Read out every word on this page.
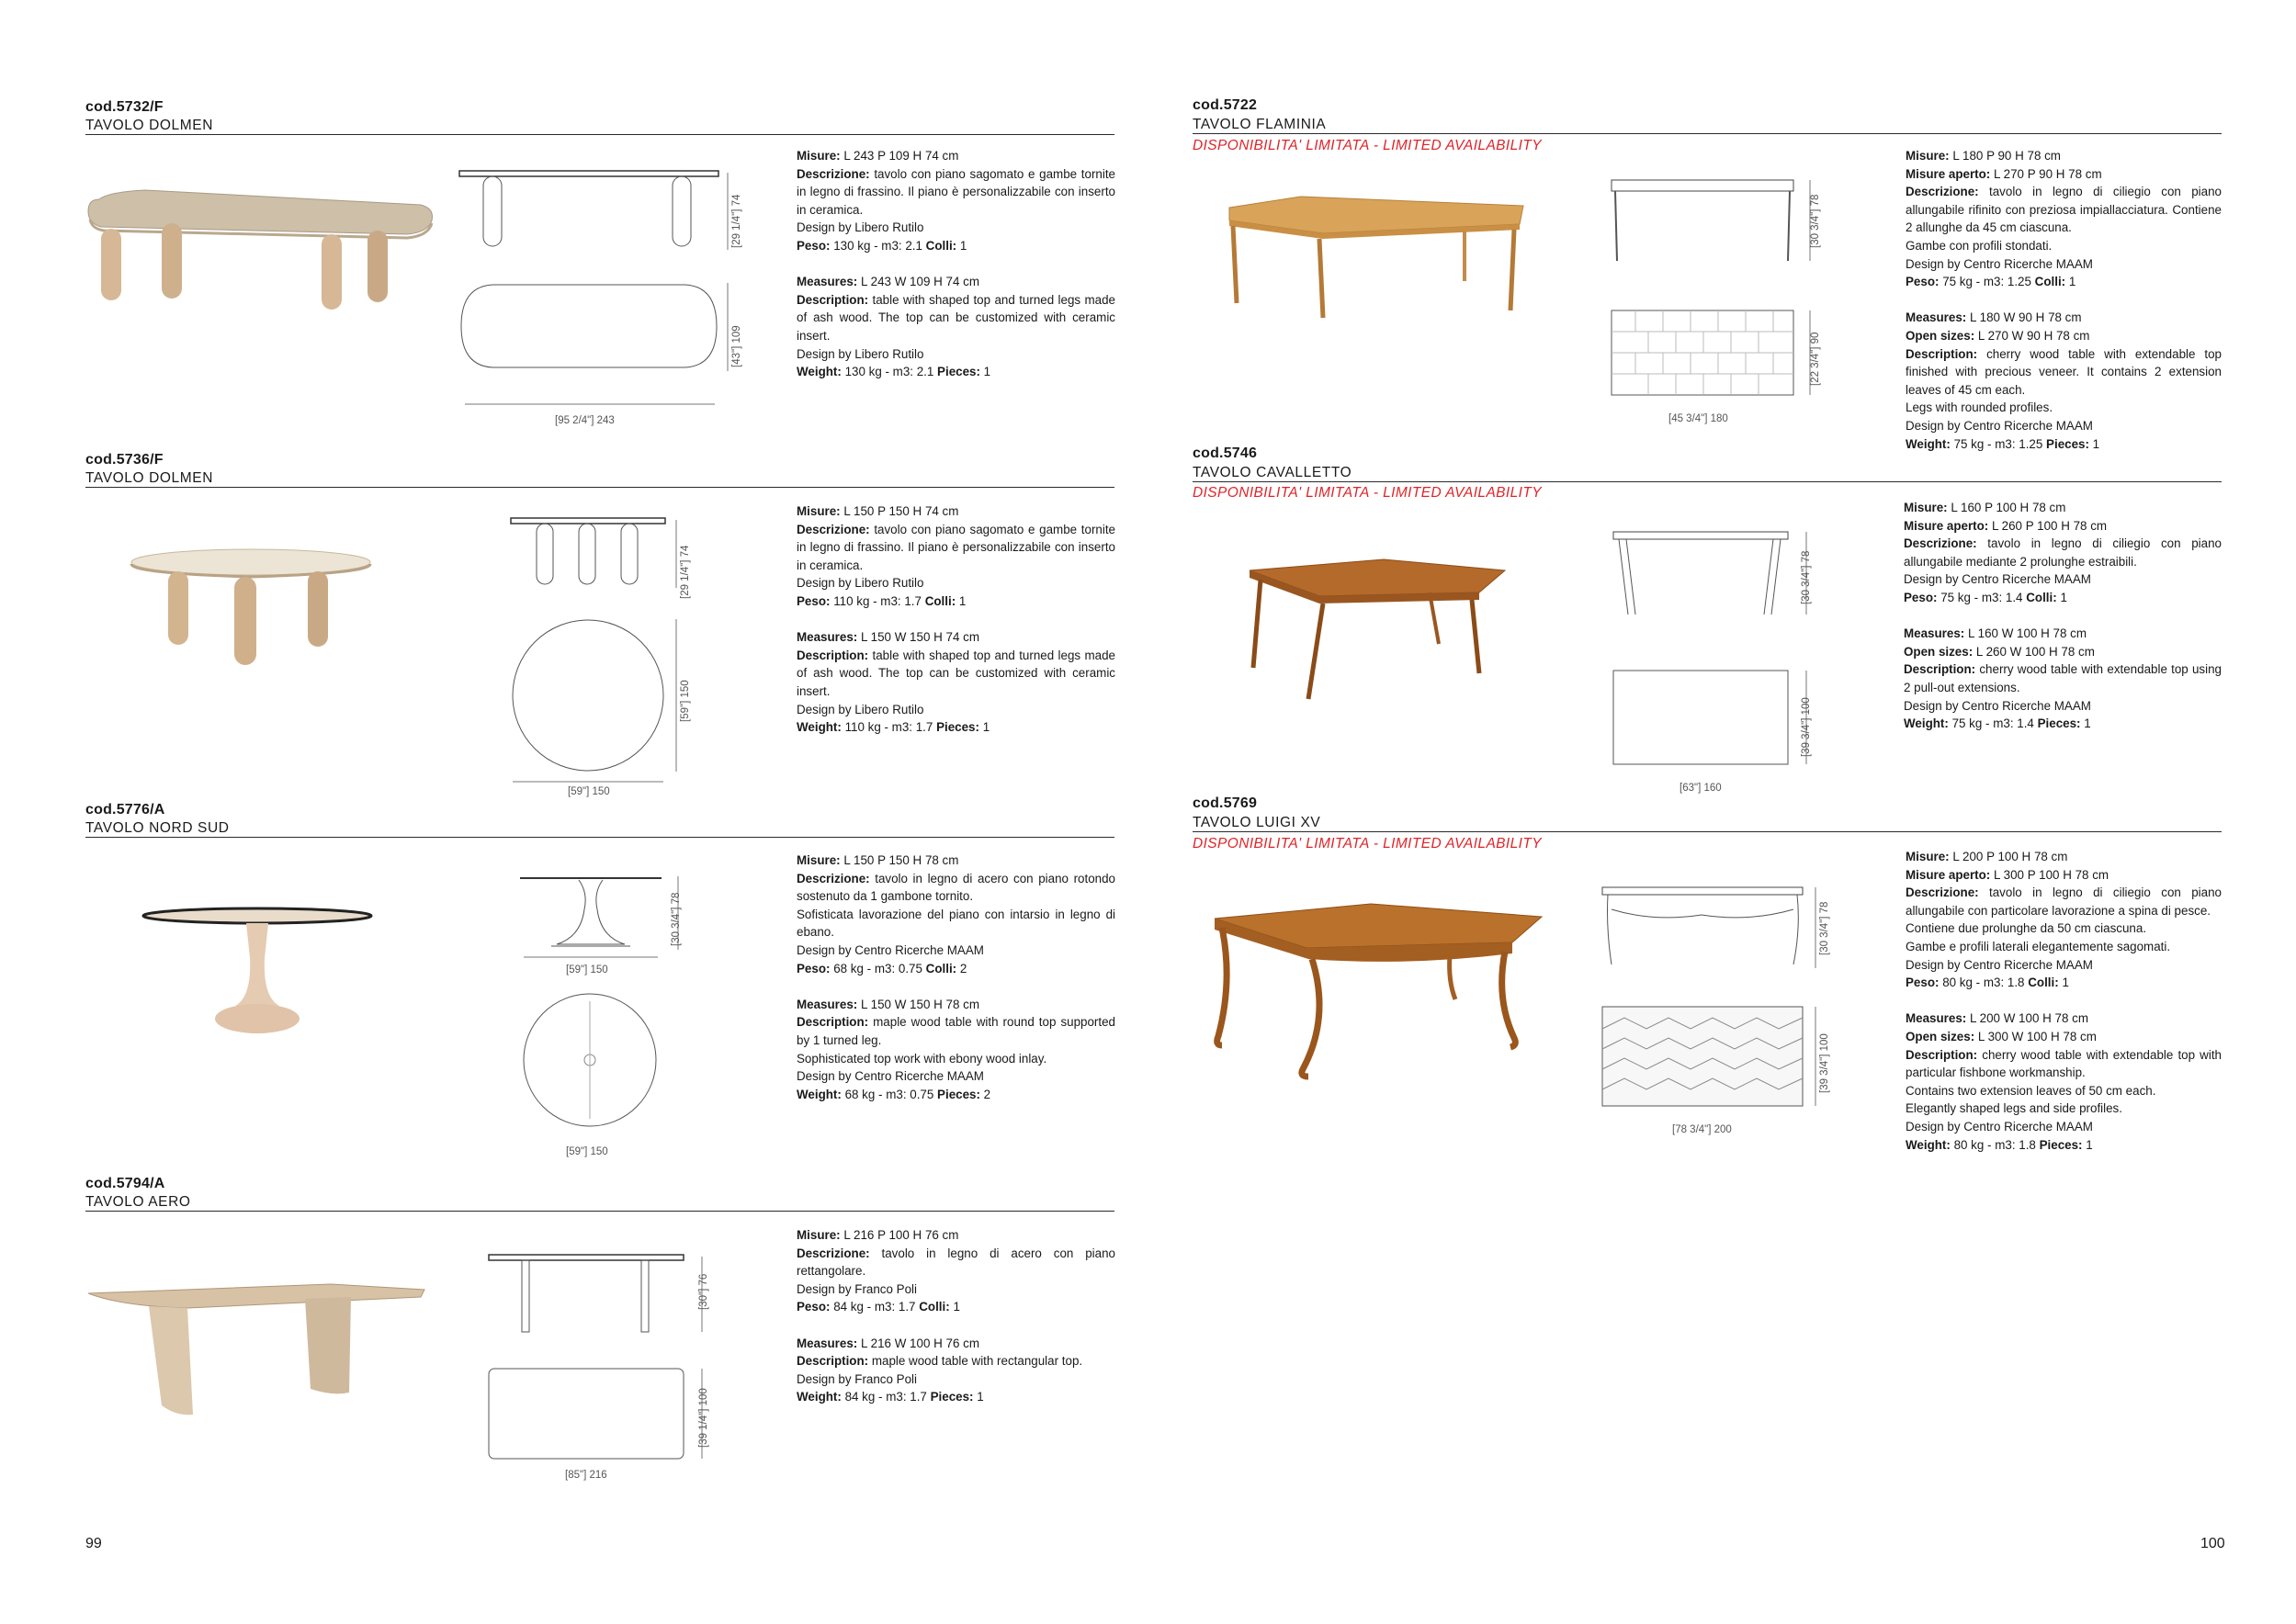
cod.5732/F
TAVOLO DOLMEN
[29 1/4"] 74
[43"] 109
[95 2/4"] 243

Misure: L 243 P 109 H 74 cm

Descrizione: tavolo con piano sagomato e gambe tornite in legno di frassino. Il piano è personalizzabile con inserto in ceramica.

Design by Libero Rutilo

Peso: 130 kg - m3: 2.1 Colli: 1

Measures: L 243 W 109 H 74 cm

Description: table with shaped top and turned legs made of ash wood. The top can be customized with ceramic insert.

Design by Libero Rutilo

Weight: 130 kg - m3: 2.1 Pieces: 1

cod.5736/F
TAVOLO DOLMEN
[29 1/4"] 74
[59"] 150
[59"] 150

Misure: L 150 P 150 H 74 cm

Descrizione: tavolo con piano sagomato e gambe tornite in legno di frassino. Il piano è personalizzabile con inserto in ceramica.

Design by Libero Rutilo

Peso: 110 kg - m3: 1.7 Colli: 1

Measures: L 150 W 150 H 74 cm

Description: table with shaped top and turned legs made of ash wood. The top can be customized with ceramic insert.

Design by Libero Rutilo

Weight: 110 kg - m3: 1.7 Pieces: 1

cod.5776/A
TAVOLO NORD SUD
[30 3/4"] 78
[59"] 150
[59"] 150

Misure: L 150 P 150 H 78 cm

Descrizione: tavolo in legno di acero con piano rotondo sostenuto da 1 gambone tornito.

Sofisticata lavorazione del piano con intarsio in legno di ebano.

Design by Centro Ricerche MAAM

Peso: 68 kg - m3: 0.75 Colli: 2

Measures: L 150 W 150 H 78 cm

Description: maple wood table with round top supported by 1 turned leg.

Sophisticated top work with ebony wood inlay.

Design by Centro Ricerche MAAM

Weight: 68 kg - m3: 0.75 Pieces: 2

cod.5794/A
TAVOLO AERO
[30"] 76
[39 1/4"] 100
[85"] 216

Misure: L 216 P 100 H 76 cm

Descrizione: tavolo in legno di acero con piano rettangolare.

Design by Franco Poli

Peso: 84 kg - m3: 1.7 Colli: 1

Measures: L 216 W 100 H 76 cm

Description: maple wood table with rectangular top.

Design by Franco Poli

Weight: 84 kg - m3: 1.7 Pieces: 1

99
cod.5722
TAVOLO FLAMINIA
DISPONIBILITA' LIMITATA - LIMITED AVAILABILITY
[30 3/4"] 78
[22 3/4"] 90
[45 3/4"] 180

Misure: L 180 P 90 H 78 cm

Misure aperto: L 270 P 90 H 78 cm

Descrizione: tavolo in legno di ciliegio con piano allungabile rifinito con preziosa impiallacciatura. Contiene 2 allunghe da 45 cm ciascuna.

Gambe con profili stondati.

Design by Centro Ricerche MAAM

Peso: 75 kg - m3: 1.25 Colli: 1

Measures: L 180 W 90 H 78 cm

Open sizes: L 270 W 90 H 78 cm

Description: cherry wood table with extendable top finished with precious veneer. It contains 2 extension leaves of 45 cm each.

Legs with rounded profiles.

Design by Centro Ricerche MAAM

Weight: 75 kg - m3: 1.25 Pieces: 1

cod.5746
TAVOLO CAVALLETTO
DISPONIBILITA' LIMITATA - LIMITED AVAILABILITY
[30 3/4"] 78
[39 3/4"] 100
[63"] 160

Misure: L 160 P 100 H 78 cm

Misure aperto: L 260 P 100 H 78 cm

Descrizione: tavolo in legno di ciliegio con piano allungabile mediante 2 prolunghe estraibili.

Design by Centro Ricerche MAAM

Peso: 75 kg - m3: 1.4 Colli: 1

Measures: L 160 W 100 H 78 cm

Open sizes: L 260 W 100 H 78 cm

Description: cherry wood table with extendable top using 2 pull-out extensions.

Design by Centro Ricerche MAAM

Weight: 75 kg - m3: 1.4 Pieces: 1

cod.5769
TAVOLO LUIGI XV
DISPONIBILITA' LIMITATA - LIMITED AVAILABILITY
[30 3/4"] 78
[39 3/4"] 100
[78 3/4"] 200

Misure: L 200 P 100 H 78 cm

Misure aperto: L 300 P 100 H 78 cm

Descrizione: tavolo in legno di ciliegio con piano allungabile con particolare lavorazione a spina di pesce.

Contiene due prolunghe da 50 cm ciascuna.

Gambe e profili laterali elegantemente sagomati.

Design by Centro Ricerche MAAM

Peso: 80 kg - m3: 1.8 Colli: 1

Measures: L 200 W 100 H 78 cm

Open sizes: L 300 W 100 H 78 cm

Description: cherry wood table with extendable top with particular fishbone workmanship.

Contains two extension leaves of 50 cm each.

Elegantly shaped legs and side profiles.

Design by Centro Ricerche MAAM

Weight: 80 kg - m3: 1.8 Pieces: 1

100
